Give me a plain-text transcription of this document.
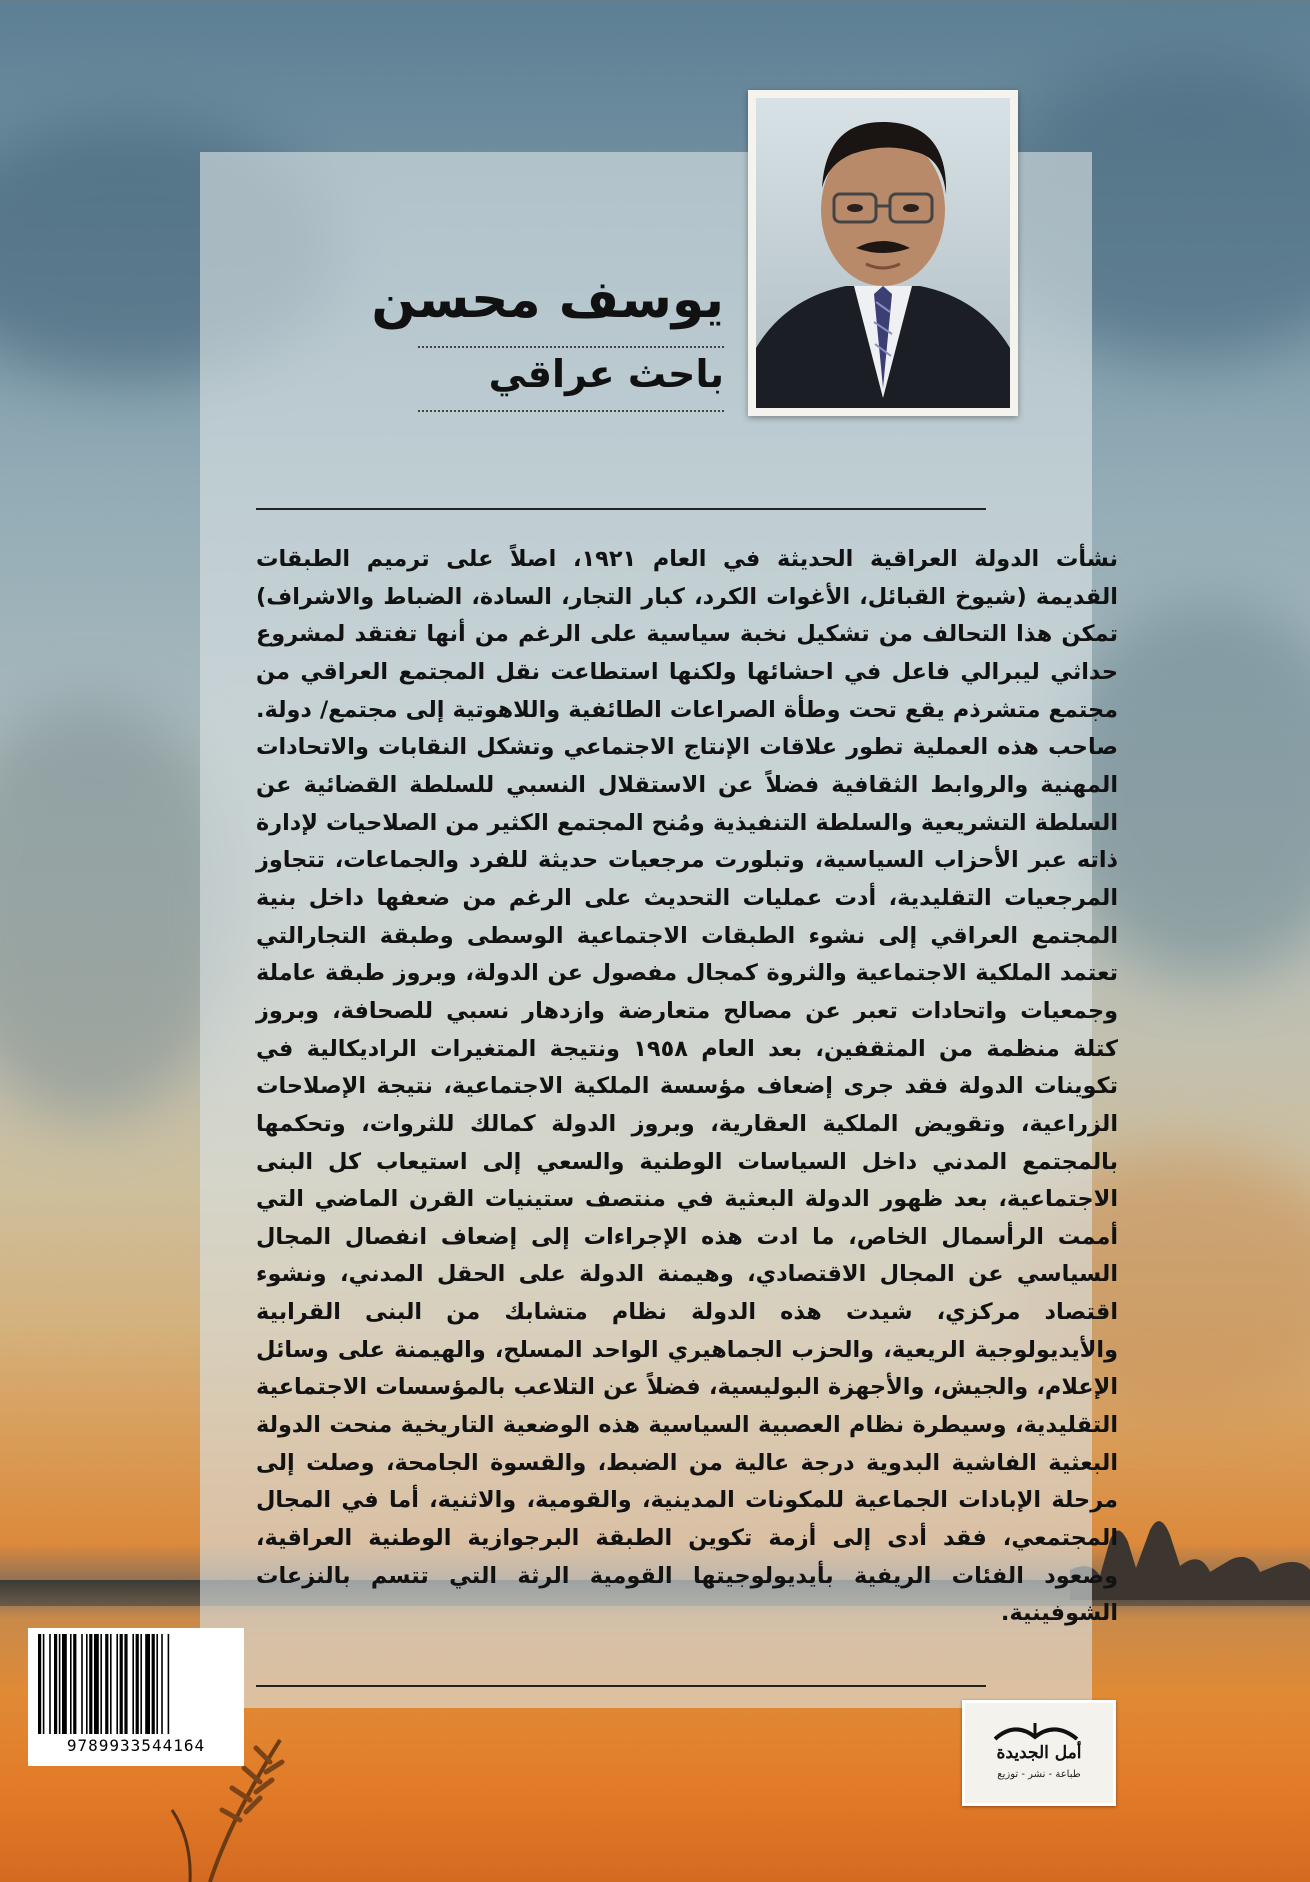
يوسف محسن
باحث عراقي

نشأت الدولة العراقية الحديثة في العام ١٩٢١، اصلاً على ترميم الطبقات القديمة (شيوخ القبائل، الأغوات الكرد، كبار التجار، السادة، الضباط والاشراف) تمكن هذا التحالف من تشكيل نخبة سياسية على الرغم من أنها تفتقد لمشروع حداثي ليبرالي فاعل في احشائها ولكنها استطاعت نقل المجتمع العراقي من مجتمع متشرذم يقع تحت وطأة الصراعات الطائفية واللاهوتية إلى مجتمع/ دولة. صاحب هذه العملية تطور علاقات الإنتاج الاجتماعي وتشكل النقابات والاتحادات المهنية والروابط الثقافية فضلاً عن الاستقلال النسبي للسلطة القضائية عن السلطة التشريعية والسلطة التنفيذية ومُنح المجتمع الكثير من الصلاحيات لإدارة ذاته عبر الأحزاب السياسية، وتبلورت مرجعيات حديثة للفرد والجماعات، تتجاوز المرجعيات التقليدية، أدت عمليات التحديث على الرغم من ضعفها داخل بنية المجتمع العراقي إلى نشوء الطبقات الاجتماعية الوسطى وطبقة التجارالتي تعتمد الملكية الاجتماعية والثروة كمجال مفصول عن الدولة، وبروز طبقة عاملة وجمعيات واتحادات تعبر عن مصالح متعارضة وازدهار نسبي للصحافة، وبروز كتلة منظمة من المثقفين، بعد العام ١٩٥٨ ونتيجة المتغيرات الراديكالية في تكوينات الدولة فقد جرى إضعاف مؤسسة الملكية الاجتماعية، نتيجة الإصلاحات الزراعية، وتقويض الملكية العقارية، وبروز الدولة كمالك للثروات، وتحكمها بالمجتمع المدني داخل السياسات الوطنية والسعي إلى استيعاب كل البنى الاجتماعية، بعد ظهور الدولة البعثية في منتصف ستينيات القرن الماضي التي أممت الرأسمال الخاص، ما ادت هذه الإجراءات إلى إضعاف انفصال المجال السياسي عن المجال الاقتصادي، وهيمنة الدولة على الحقل المدني، ونشوء اقتصاد مركزي، شيدت هذه الدولة نظام متشابك من البنى القرابية والأيديولوجية الريعية، والحزب الجماهيري الواحد المسلح، والهيمنة على وسائل الإعلام، والجيش، والأجهزة البوليسية، فضلاً عن التلاعب بالمؤسسات الاجتماعية التقليدية، وسيطرة نظام العصبية السياسية هذه الوضعية التاريخية منحت الدولة البعثية الفاشية البدوية درجة عالية من الضبط، والقسوة الجامحة، وصلت إلى مرحلة الإبادات الجماعية للمكونات المدينية، والقومية، والاثنية، أما في المجال المجتمعي، فقد أدى إلى أزمة تكوين الطبقة البرجوازية الوطنية العراقية، وصعود الفئات الريفية بأيديولوجيتها القومية الرثة التي تتسم بالنزعات الشوفينية.

9789933544164	أمل الجديدة
طباعة - نشر - توزيع
